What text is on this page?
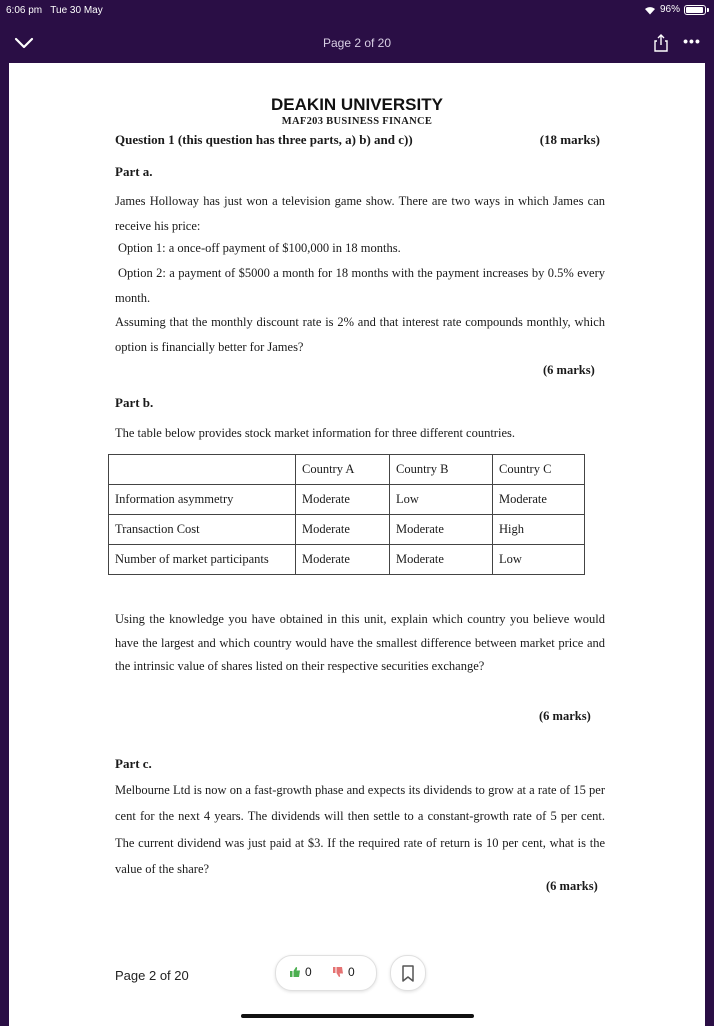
6:06 pm Tue 30 May	96%
Page 2 of 20	•••
DEAKIN UNIVERSITY
MAF203 BUSINESS FINANCE
Question 1 (this question has three parts, a) b) and c))	(18 marks)
Part a.
James Holloway has just won a television game show. There are two ways in which James can receive his price:
Option 1: a once-off payment of $100,000 in 18 months.
Option 2: a payment of $5000 a month for 18 months with the payment increases by 0.5% every month.
Assuming that the monthly discount rate is 2% and that interest rate compounds monthly, which option is financially better for James?
(6 marks)
Part b.
The table below provides stock market information for three different countries.
	Country A	Country B	Country C
Information asymmetry	Moderate	Low	Moderate
Transaction Cost	Moderate	Moderate	High
Number of market participants	Moderate	Moderate	Low
Using the knowledge you have obtained in this unit, explain which country you believe would have the largest and which country would have the smallest difference between market price and the intrinsic value of shares listed on their respective securities exchange?
(6 marks)
Part c.
Melbourne Ltd is now on a fast-growth phase and expects its dividends to grow at a rate of 15 per cent for the next 4 years. The dividends will then settle to a constant-growth rate of 5 per cent. The current dividend was just paid at $3. If the required rate of return is 10 per cent, what is the value of the share?
(6 marks)
Page 2 of 20	0	0
